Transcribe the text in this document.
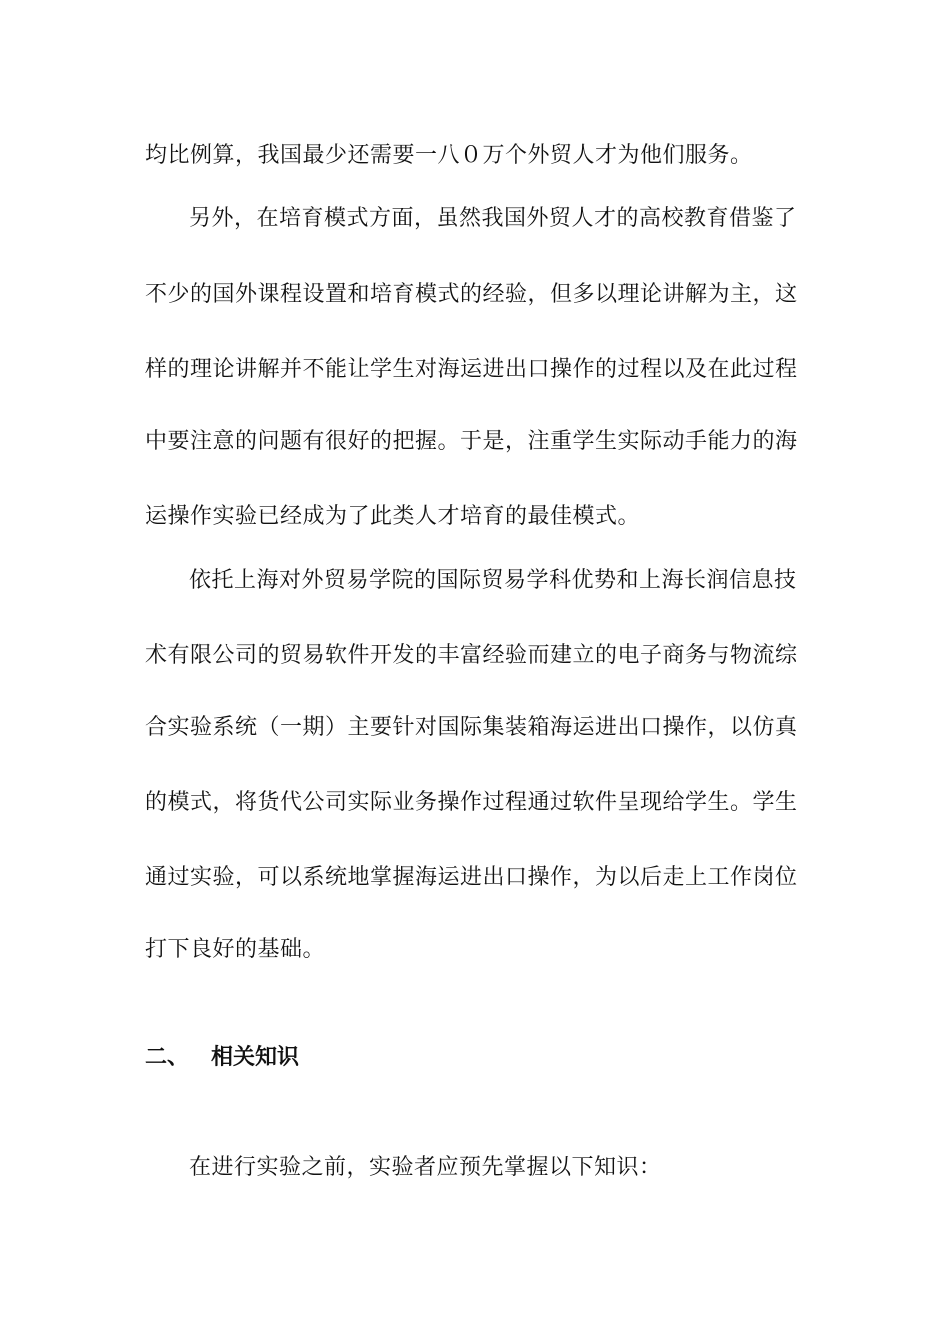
均比例算，我国最少还需要一八０万个外贸人才为他们服务。
另外，在培育模式方面，虽然我国外贸人才的高校教育借鉴了
不少的国外课程设置和培育模式的经验，但多以理论讲解为主，这
样的理论讲解并不能让学生对海运进出口操作的过程以及在此过程
中要注意的问题有很好的把握。于是，注重学生实际动手能力的海
运操作实验已经成为了此类人才培育的最佳模式。
依托上海对外贸易学院的国际贸易学科优势和上海长润信息技
术有限公司的贸易软件开发的丰富经验而建立的电子商务与物流综
合实验系统（一期）主要针对国际集装箱海运进出口操作，以仿真
的模式，将货代公司实际业务操作过程通过软件呈现给学生。学生
通过实验，可以系统地掌握海运进出口操作，为以后走上工作岗位
打下良好的基础。
二、 相关知识
在进行实验之前，实验者应预先掌握以下知识：
